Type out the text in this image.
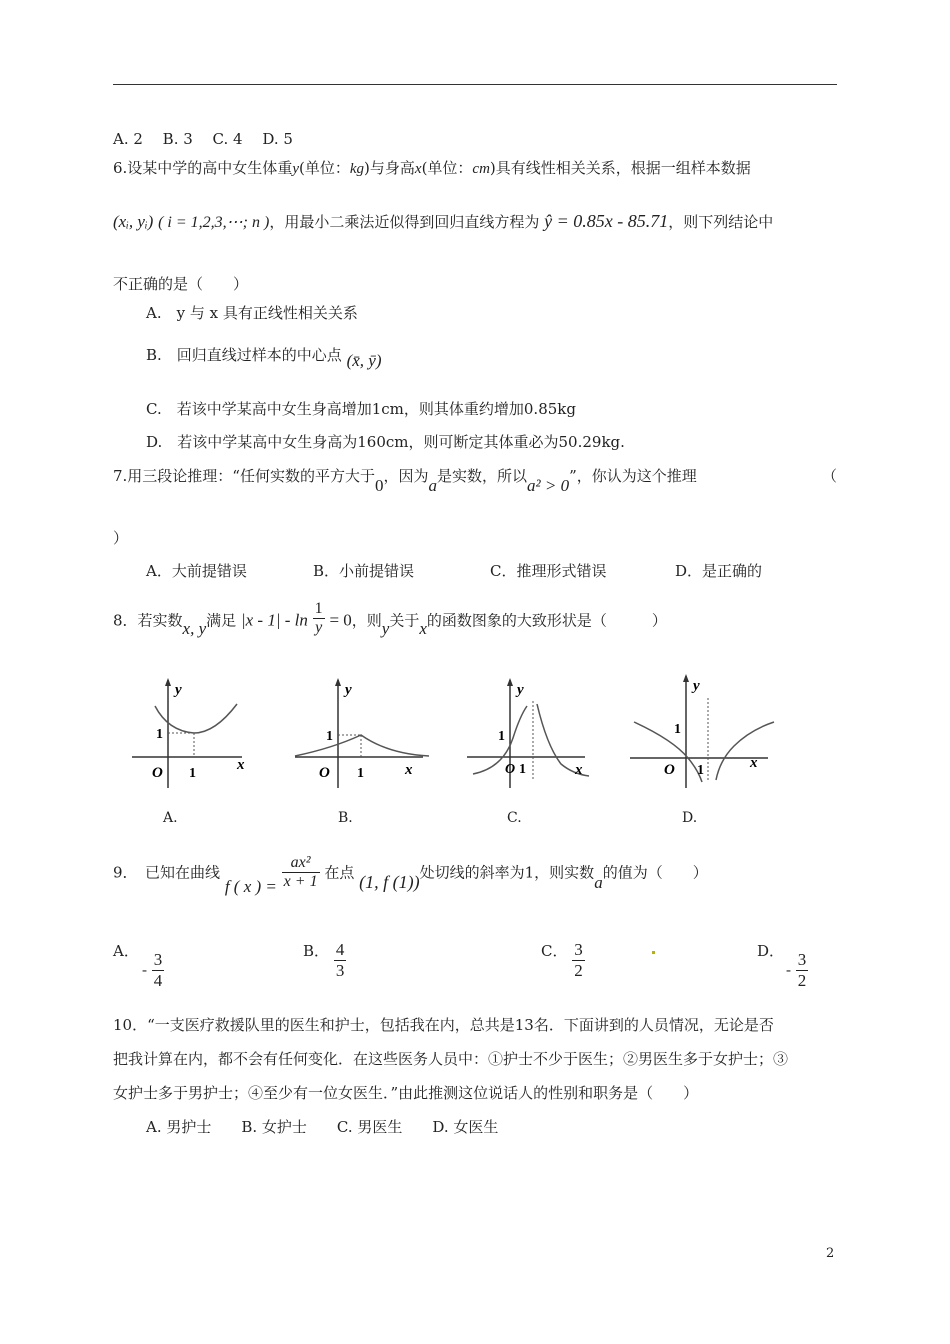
A. 2　 B. 3　 C. 4　 D. 5
6.设某中学的高中女生体重y(单位：kg)与身高x(单位：cm)具有线性相关关系，根据一组样本数据
(xᵢ, yᵢ) ( i = 1,2,3,⋯; n )，用最小二乘法近似得到回归直线方程为 ŷ = 0.85x - 85.71，则下列结论中
不正确的是（　　）
A.　y 与 x 具有正线性相关关系
B.　回归直线过样本的中心点 (x̄, ȳ)
C.　若该中学某高中女生身高增加1cm，则其体重约增加0.85kg
D.　若该中学某高中女生身高为160cm，则可断定其体重必为50.29kg.
7.用三段论推理：“任何实数的平方大于0，因为a是实数，所以a² > 0”，你认为这个推理	（
）
A．大前提错误	B．小前提错误	C．推理形式错误	D．是正确的
8．若实数x, y满足 $|x - 1| - \ln \frac{1}{y} = 0$，则y关于x的函数图象的大致形状是（　　　）
y
x
O
1
1
y
x
O
1
1
y
x
O
1
1
y
x
O
1
1
A.	B.	C.	D.
9．　已知在曲线 f ( x ) = $\frac{\text{ax²}}{x + 1}$ 在点 (1, f (1))处切线的斜率为1，则实数a的值为（　　）
A．
- $\frac{3}{4}$	B． $\frac{4}{3}$	C． $\frac{3}{2}$	D．
- $\frac{3}{2}$
10．“一支医疗救援队里的医生和护士，包括我在内，总共是13名．下面讲到的人员情况，无论是否
把我计算在内，都不会有任何变化．在这些医务人员中：①护士不少于医生；②男医生多于女护士；③
女护士多于男护士；④至少有一位女医生．”由此推测这位说话人的性别和职务是（　　）
A. 男护士　　B. 女护士　　C. 男医生　　D. 女医生
2
